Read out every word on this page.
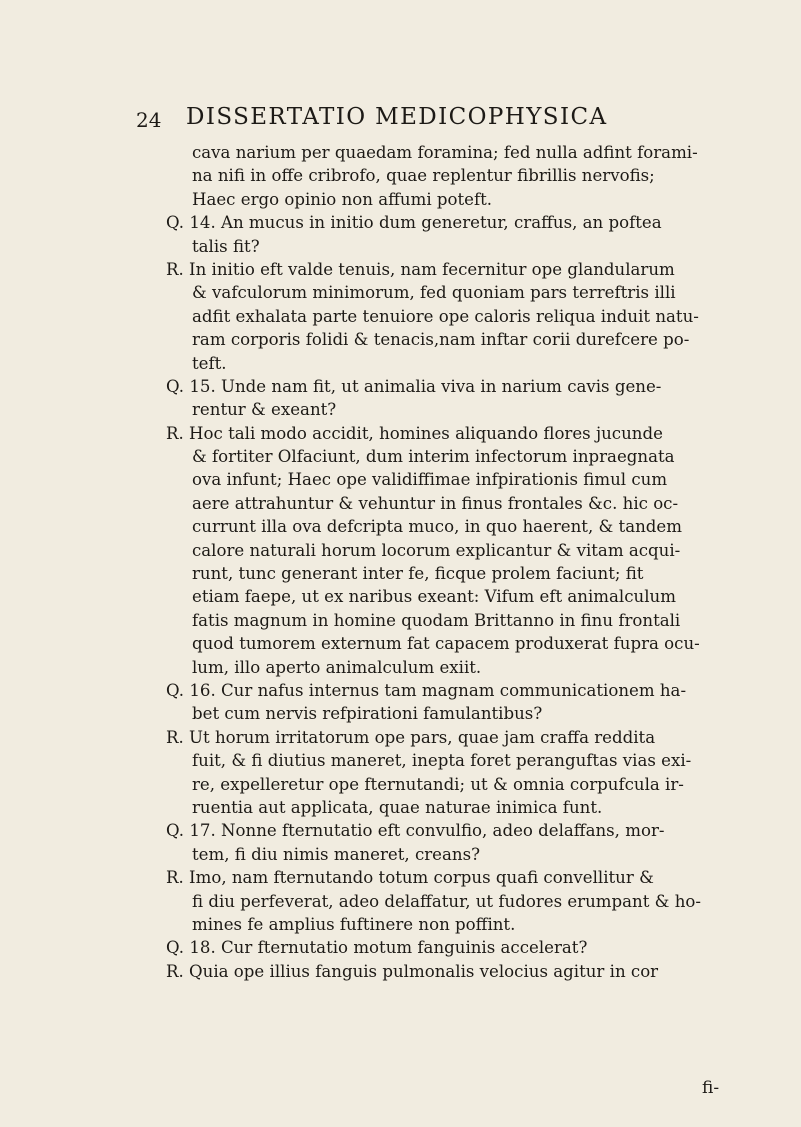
24 DISSERTATIO MEDICOPHYSICA
cava narium per quaedam foramina; fed nulla adfint forami-
na nifi in offe cribrofo, quae replentur fibrillis nervofis;
Haec ergo opinio non affumi poteft.
Q. 14. An mucus in initio dum generetur, craffus, an poftea
talis fit?
R. In initio eft valde tenuis, nam fecernitur ope glandularum
& vafculorum minimorum, fed quoniam pars terreftris illi
adfit exhalata parte tenuiore ope caloris reliqua induit natu-
ram corporis folidi & tenacis,nam inftar corii durefcere po-
teft.
Q. 15. Unde nam fit, ut animalia viva in narium cavis gene-
rentur & exeant?
R. Hoc tali modo accidit, homines aliquando flores jucunde
& fortiter Olfaciunt, dum interim infectorum inpraegnata
ova infunt; Haec ope validiffimae infpirationis fimul cum
aere attrahuntur & vehuntur in finus frontales &c. hic oc-
currunt illa ova defcripta muco, in quo haerent, & tandem
calore naturali horum locorum explicantur & vitam acqui-
runt, tunc generant inter fe, ficque prolem faciunt; fit
etiam faepe, ut ex naribus exeant: Vifum eft animalculum
fatis magnum in homine quodam Brittanno in finu frontali
quod tumorem externum fat capacem produxerat fupra ocu-
lum, illo aperto animalculum exiit.
Q. 16. Cur nafus internus tam magnam communicationem ha-
bet cum nervis refpirationi famulantibus?
R. Ut horum irritatorum ope pars, quae jam craffa reddita
fuit, & fi diutius maneret, inepta foret peranguftas vias exi-
re, expelleretur ope fternutandi; ut & omnia corpufcula ir-
ruentia aut applicata, quae naturae inimica funt.
Q. 17. Nonne fternutatio eft convulfio, adeo delaffans, mor-
tem, fi diu nimis maneret, creans?
R. Imo, nam fternutando totum corpus quafi convellitur &
fi diu perfeverat, adeo delaffatur, ut fudores erumpant & ho-
mines fe amplius fuftinere non poffint.
Q. 18. Cur fternutatio motum fanguinis accelerat?
R. Quia ope illius fanguis pulmonalis velocius agitur in cor
fi-
